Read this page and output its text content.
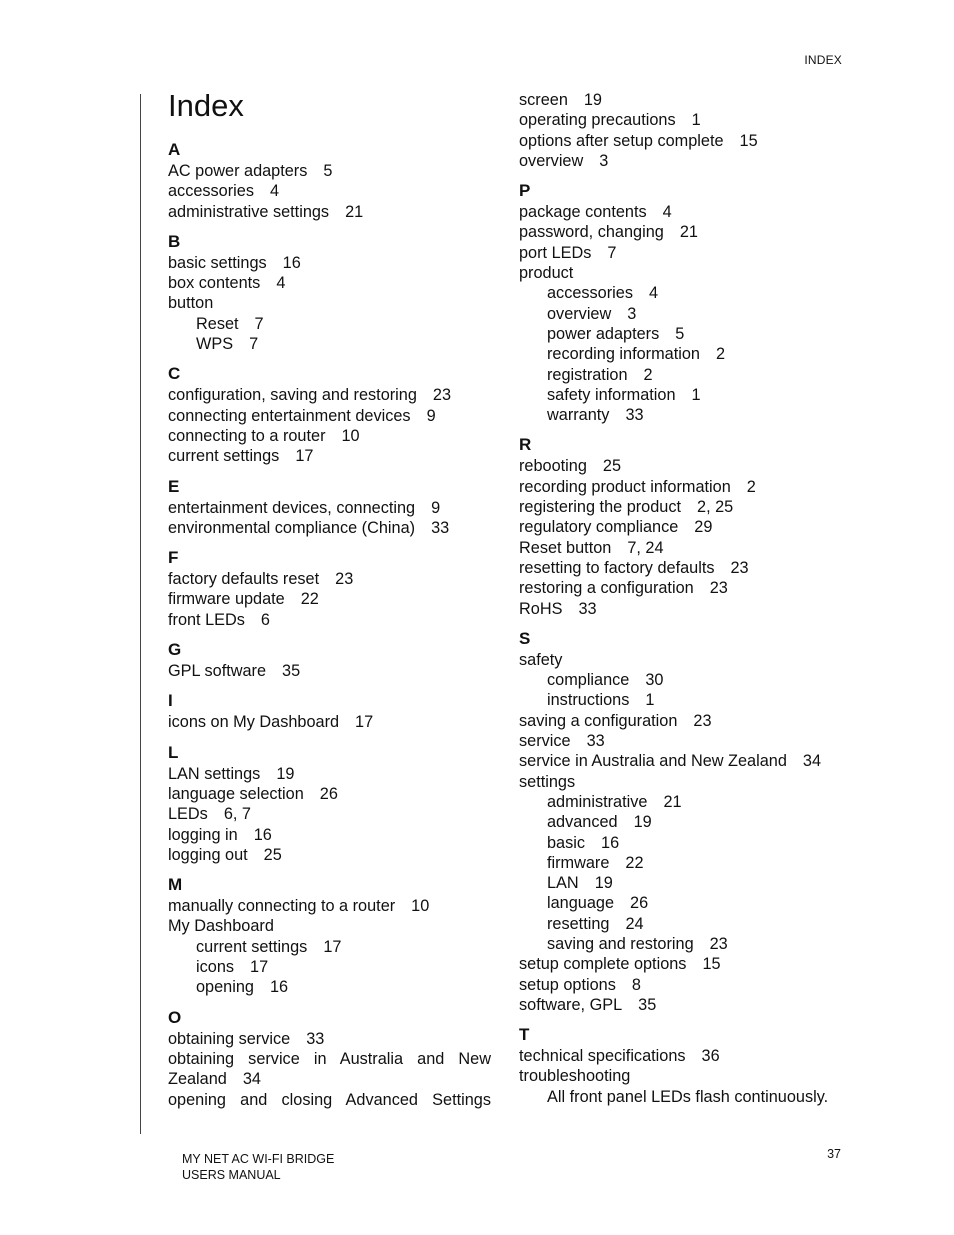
INDEX
Index
A
AC power adapters 5
accessories 4
administrative settings 21
B
basic settings 16
box contents 4
button
Reset 7
WPS 7
C
configuration, saving and restoring 23
connecting entertainment devices 9
connecting to a router 10
current settings 17
E
entertainment devices, connecting 9
environmental compliance (China) 33
F
factory defaults reset 23
firmware update 22
front LEDs 6
G
GPL software 35
I
icons on My Dashboard 17
L
LAN settings 19
language selection 26
LEDs 6, 7
logging in 16
logging out 25
M
manually connecting to a router 10
My Dashboard
current settings 17
icons 17
opening 16
O
obtaining service 33
obtaining service in Australia and New
Zealand 34
opening and closing Advanced Settings
screen 19
operating precautions 1
options after setup complete 15
overview 3
P
package contents 4
password, changing 21
port LEDs 7
product
accessories 4
overview 3
power adapters 5
recording information 2
registration 2
safety information 1
warranty 33
R
rebooting 25
recording product information 2
registering the product 2, 25
regulatory compliance 29
Reset button 7, 24
resetting to factory defaults 23
restoring a configuration 23
RoHS 33
S
safety
compliance 30
instructions 1
saving a configuration 23
service 33
service in Australia and New Zealand 34
settings
administrative 21
advanced 19
basic 16
firmware 22
LAN 19
language 26
resetting 24
saving and restoring 23
setup complete options 15
setup options 8
software, GPL 35
T
technical specifications 36
troubleshooting
All front panel LEDs flash continuously.
MY NET AC WI-FI BRIDGE
USERS MANUAL
37
